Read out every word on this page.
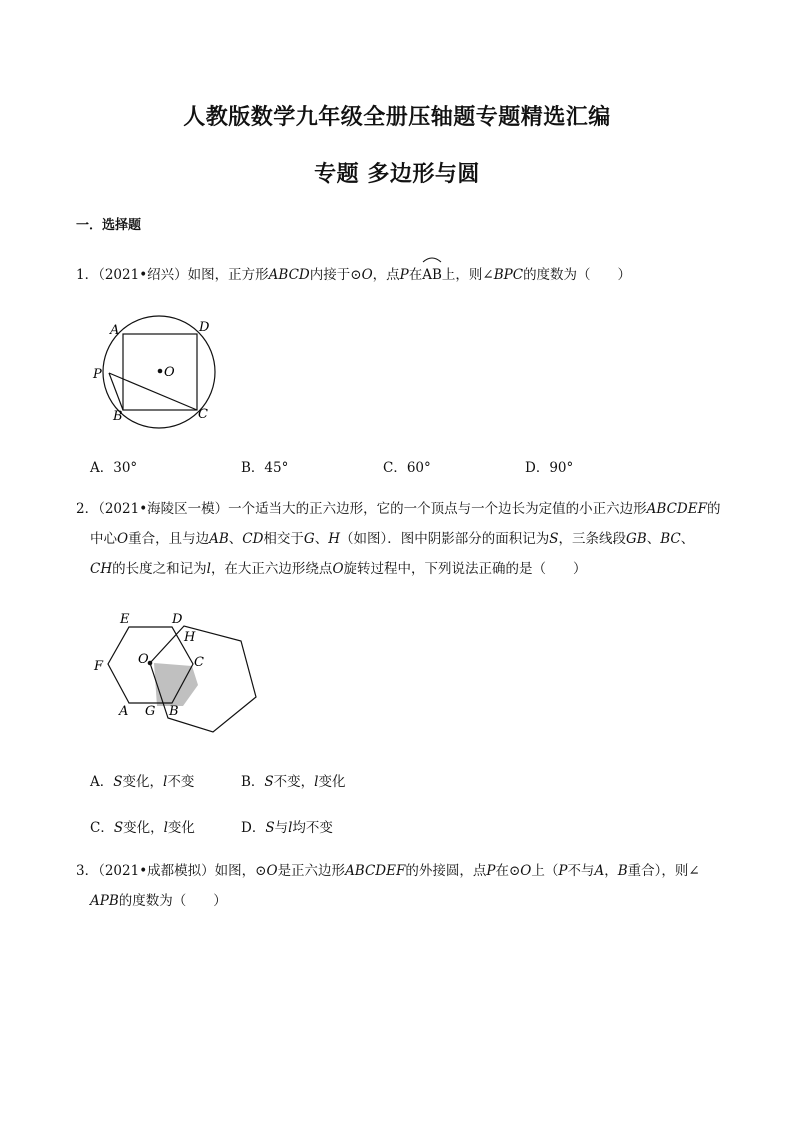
人教版数学九年级全册压轴题专题精选汇编
专题 多边形与圆
一．选择题
1．（2021•绍兴）如图，正方形ABCD内接于⊙O，点P在
AB上，则∠BPC的度数为（　　）
A	D
P	O
B	C
A．30°	B．45°	C．60°	D．90°
2．（2021•海陵区一模）一个适当大的正六边形，它的一个顶点与一个边长为定值的小正六边形ABCDEF的
中心O重合，且与边AB、CD相交于G、H（如图）．图中阴影部分的面积记为S，三条线段GB、BC、
CH的长度之和记为l，在大正六边形绕点O旋转过程中，下列说法正确的是（　　）
E	D
H
O
F	C
A G B
A．S变化，l不变	B．S不变，l变化
C．S变化，l变化	D．S与l均不变
3．（2021•成都模拟）如图，⊙O是正六边形ABCDEF的外接圆，点P在⊙O上（P不与A，B重合），则∠
APB的度数为（　　）
